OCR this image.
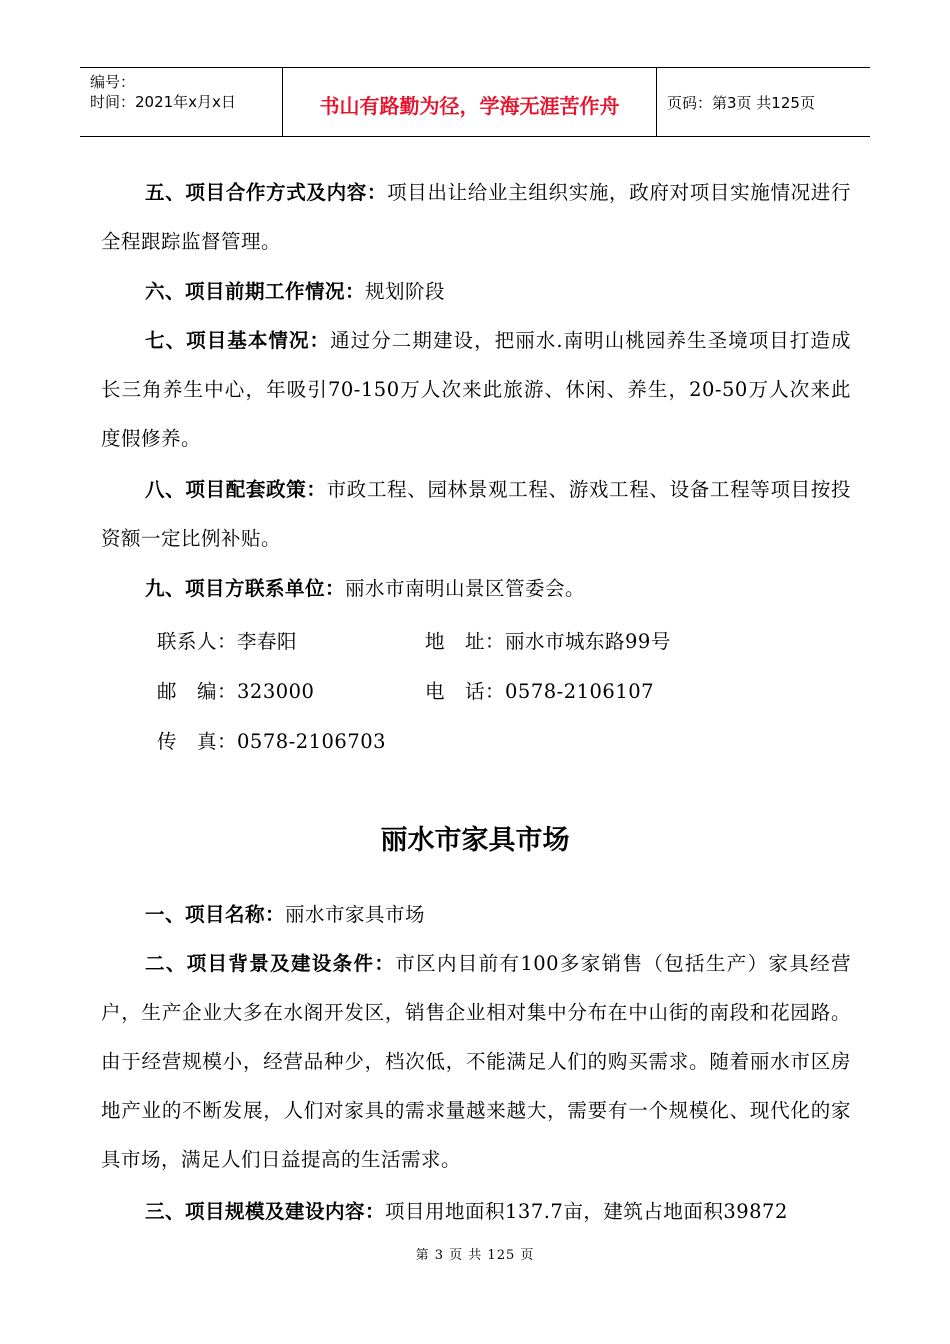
编号：
时间：2021年x月x日	书山有路勤为径，学海无涯苦作舟	页码：第3页 共125页
五、项目合作方式及内容：项目出让给业主组织实施，政府对项目实施情况进行全程跟踪监督管理。
六、项目前期工作情况：规划阶段
七、项目基本情况：通过分二期建设，把丽水.南明山桃园养生圣境项目打造成长三角养生中心，年吸引70-150万人次来此旅游、休闲、养生，20-50万人次来此度假修养。
八、项目配套政策：市政工程、园林景观工程、游戏工程、设备工程等项目按投资额一定比例补贴。
九、项目方联系单位：丽水市南明山景区管委会。
联系人：李春阳	地　址：丽水市城东路99号
邮　编：323000	电　话：0578-2106107
传　真：0578-2106703
丽水市家具市场
一、项目名称：丽水市家具市场
二、项目背景及建设条件：市区内目前有100多家销售（包括生产）家具经营户，生产企业大多在水阁开发区，销售企业相对集中分布在中山街的南段和花园路。由于经营规模小，经营品种少，档次低，不能满足人们的购买需求。随着丽水市区房地产业的不断发展，人们对家具的需求量越来越大，需要有一个规模化、现代化的家具市场，满足人们日益提高的生活需求。
三、项目规模及建设内容：项目用地面积137.7亩，建筑占地面积39872
第 3 页 共 125 页
